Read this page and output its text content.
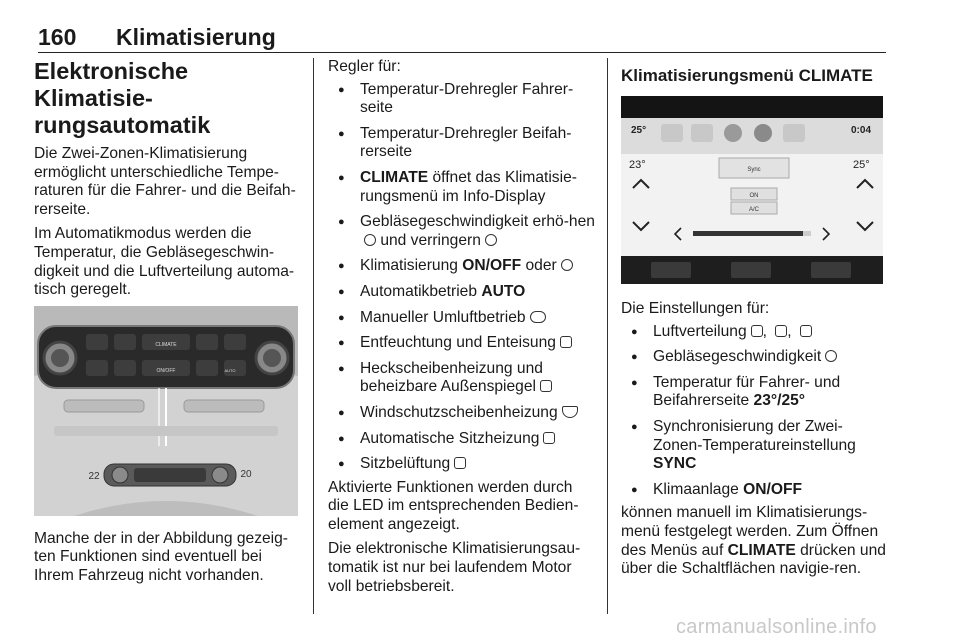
160 Klimatisierung
Elektronische Klimatisie-rungsautomatik

Die Zwei-Zonen-Klimatisierung ermöglicht unterschiedliche Tempe-raturen für die Fahrer- und die Beifah-rerseite.

Im Automatikmodus werden die Temperatur, die Gebläsegeschwin-digkeit und die Luftverteilung automa-tisch geregelt.

CLIMATE
ON/OFF	AUTO
22	20

Manche der in der Abbildung gezeig-ten Funktionen sind eventuell bei Ihrem Fahrzeug nicht vorhanden.

Regler für:

● Temperatur-Drehregler Fahrer-seite
● Temperatur-Drehregler Beifah-rerseite
● CLIMATE öffnet das Klimatisie-rungsmenü im Info-Display
● Gebläsegeschwindigkeit erhö-hen und verringern
● Klimatisierung ON/OFF oder
● Automatikbetrieb AUTO
● Manueller Umluftbetrieb
● Entfeuchtung und Enteisung
● Heckscheibenheizung und beheizbare Außenspiegel
● Windschutzscheibenheizung
● Automatische Sitzheizung
● Sitzbelüftung

Aktivierte Funktionen werden durch die LED im entsprechenden Bedien-element angezeigt.

Die elektronische Klimatisierungsau-tomatik ist nur bei laufendem Motor voll betriebsbereit.

Klimatisierungsmenü CLIMATE
25°	0:04
23°	25°
Sync
ON
A/C

Die Einstellungen für:

● Luftverteilung , ,
● Gebläsegeschwindigkeit
● Temperatur für Fahrer- und Beifahrerseite 23°/25°
● Synchronisierung der Zwei-Zonen-Temperatureinstellung
SYNC
● Klimaanlage ON/OFF

können manuell im Klimatisierungs-menü festgelegt werden. Zum Öffnen des Menüs auf CLIMATE drücken und über die Schaltflächen navigie-ren.

carmanualsonline.info
